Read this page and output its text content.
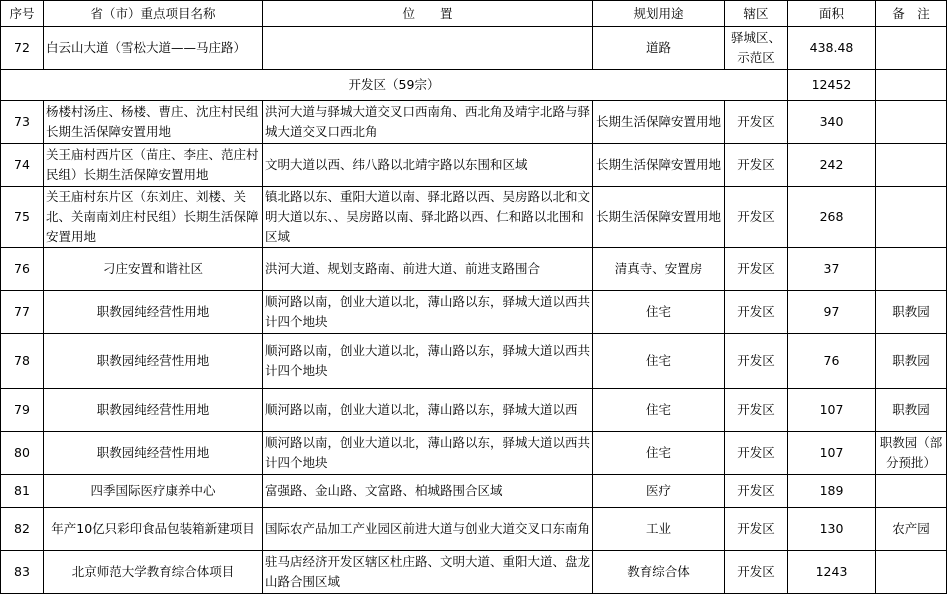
序号	省（市）重点项目名称	位　　置	规划用途	辖区	面积	备　注
72	白云山大道（雪松大道——马庄路）		道路	驿城区、示范区	438.48	
开发区（59宗）					12452	
73	杨楼村汤庄、杨楼、曹庄、沈庄村民组长期生活保障安置用地	洪河大道与驿城大道交叉口西南角、西北角及靖宇北路与驿城大道交叉口西北角	长期生活保障安置用地	开发区	340	
74	关王庙村西片区（苗庄、李庄、范庄村民组）长期生活保障安置用地	文明大道以西、纬八路以北靖宇路以东围和区域	长期生活保障安置用地	开发区	242	
75	关王庙村东片区（东刘庄、刘楼、关北、关南南刘庄村民组）长期生活保障安置用地	镇北路以东、重阳大道以南、驿北路以西、吴房路以北和文明大道以东、、吴房路以南、驿北路以西、仁和路以北围和区域	长期生活保障安置用地	开发区	268	
76	刁庄安置和谐社区	洪河大道、规划支路南、前进大道、前进支路围合	清真寺、安置房	开发区	37	
77	职教园纯经营性用地	顺河路以南，创业大道以北，薄山路以东，驿城大道以西共计四个地块	住宅	开发区	97	职教园
78	职教园纯经营性用地	顺河路以南，创业大道以北，薄山路以东，驿城大道以西共计四个地块	住宅	开发区	76	职教园
79	职教园纯经营性用地	顺河路以南，创业大道以北，薄山路以东，驿城大道以西	住宅	开发区	107	职教园
80	职教园纯经营性用地	顺河路以南，创业大道以北，薄山路以东，驿城大道以西共计四个地块	住宅	开发区	107	职教园（部分预批）
81	四季国际医疗康养中心	富强路、金山路、文富路、柏城路围合区域	医疗	开发区	189	
82	年产10亿只彩印食品包装箱新建项目	国际农产品加工产业园区前进大道与创业大道交叉口东南角	工业	开发区	130	农产园
83	北京师范大学教育综合体项目	驻马店经济开发区辖区杜庄路、文明大道、重阳大道、盘龙山路合围区域	教育综合体	开发区	1243	
